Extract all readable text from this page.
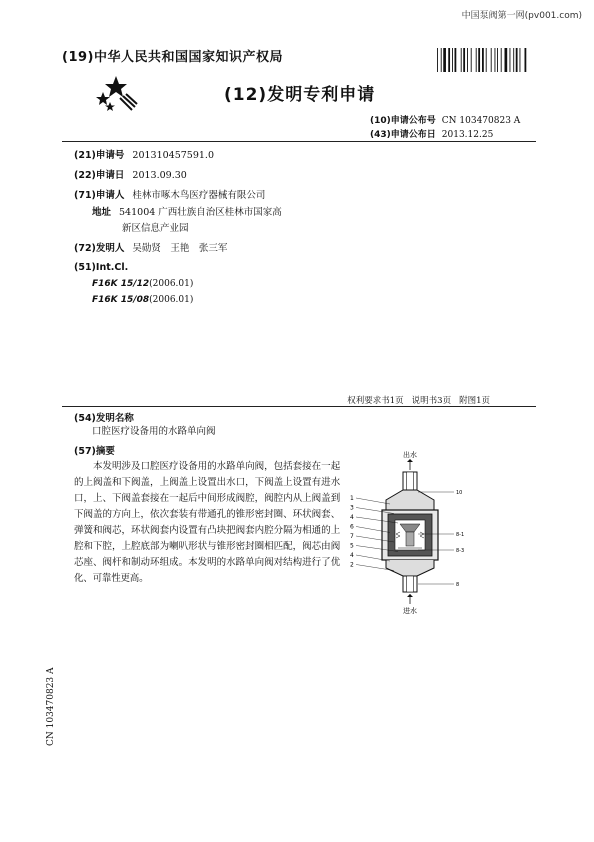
中国泵阀第一网(pv001.com)
(19)中华人民共和国国家知识产权局
(12)发明专利申请
(10)申请公布号 CN 103470823 A
(43)申请公布日 2013.12.25
(21)申请号 201310457591.0
(22)申请日 2013.09.30
(71)申请人 桂林市啄木鸟医疗器械有限公司
地址 541004 广西壮族自治区桂林市国家高
新区信息产业园
(72)发明人 吴勋贤　王艳　张三军
(51)Int.Cl.
F16K 15/12(2006.01)
F16K 15/08(2006.01)
权利要求书1页 说明书3页 附图1页
(54)发明名称
口腔医疗设备用的水路单向阀
(57)摘要
本发明涉及口腔医疗设备用的水路单向阀，包括套接在一起的上阀盖和下阀盖，上阀盖上设置出水口，下阀盖上设置有进水口，上、下阀盖套接在一起后中间形成阀腔，阀腔内从上阀盖到下阀盖的方向上，依次套装有带通孔的锥形密封圈、环状阀套、弹簧和阀芯，环状阀套内设置有凸块把阀套内腔分隔为相通的上腔和下腔，上腔底部为喇叭形状与锥形密封圈相匹配，阀芯由阀芯座、阀杆和制动环组成。本发明的水路单向阀对结构进行了优化、可靠性更高。
出水
进水
1
3
4
6
7
5
4
2
10
8-1
8-3
8
CN 103470823 A
